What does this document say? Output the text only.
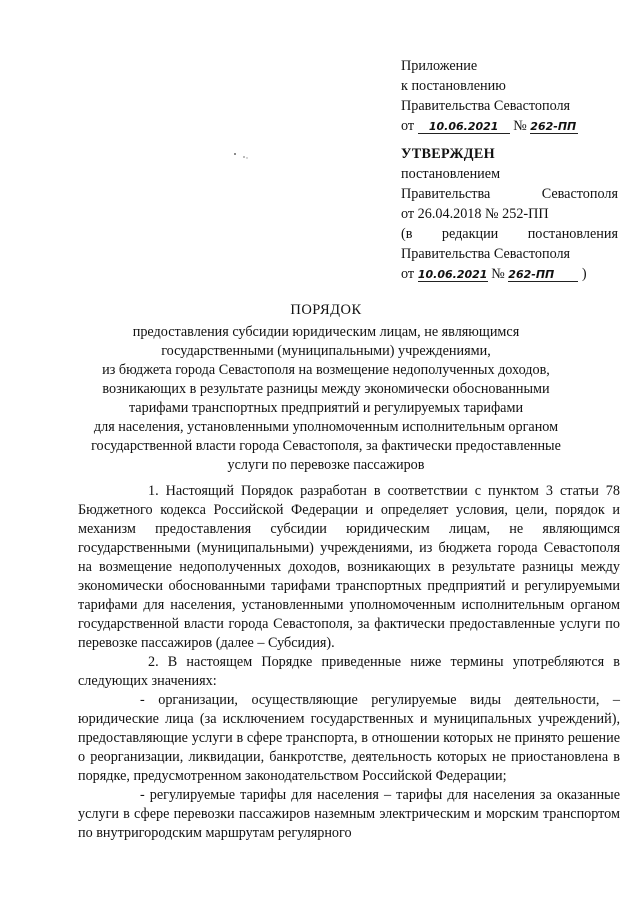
Приложение
к постановлению
Правительства Севастополя
от 10.06.2021 № 262-ПП
УТВЕРЖДЕН
постановлением
Правительства	Севастополя
от 26.04.2018 № 252-ПП
(в редакции постановления
Правительства Севастополя
от 10.06.2021 № 262-ПП )
ПОРЯДОК
предоставления субсидии юридическим лицам, не являющимся
государственными (муниципальными) учреждениями,
из бюджета города Севастополя на возмещение недополученных доходов,
возникающих в результате разницы между экономически обоснованными
тарифами транспортных предприятий и регулируемых тарифами
для населения, установленными уполномоченным исполнительным органом
государственной власти города Севастополя, за фактически предоставленные
услуги по перевозке пассажиров

1. Настоящий Порядок разработан в соответствии с пунктом 3 статьи 78 Бюджетного кодекса Российской Федерации и определяет условия, цели, порядок и механизм предоставления субсидии юридическим лицам, не являющимся государственными (муниципальными) учреждениями, из бюджета города Севастополя на возмещение недополученных доходов, возникающих в результате разницы между экономически обоснованными тарифами транспортных предприятий и регулируемыми тарифами для населения, установленными уполномоченным исполнительным органом государственной власти города Севастополя, за фактически предоставленные услуги по перевозке пассажиров (далее – Субсидия).

2. В настоящем Порядке приведенные ниже термины употребляются в следующих значениях:

- организации, осуществляющие регулируемые виды деятельности, – юридические лица (за исключением государственных и муниципальных учреждений), предоставляющие услуги в сфере транспорта, в отношении которых не принято решение о реорганизации, ликвидации, банкротстве, деятельность которых не приостановлена в порядке, предусмотренном законодательством Российской Федерации;

- регулируемые тарифы для населения – тарифы для населения за оказанные услуги в сфере перевозки пассажиров наземным электрическим и морским транспортом по внутригородским маршрутам регулярного
